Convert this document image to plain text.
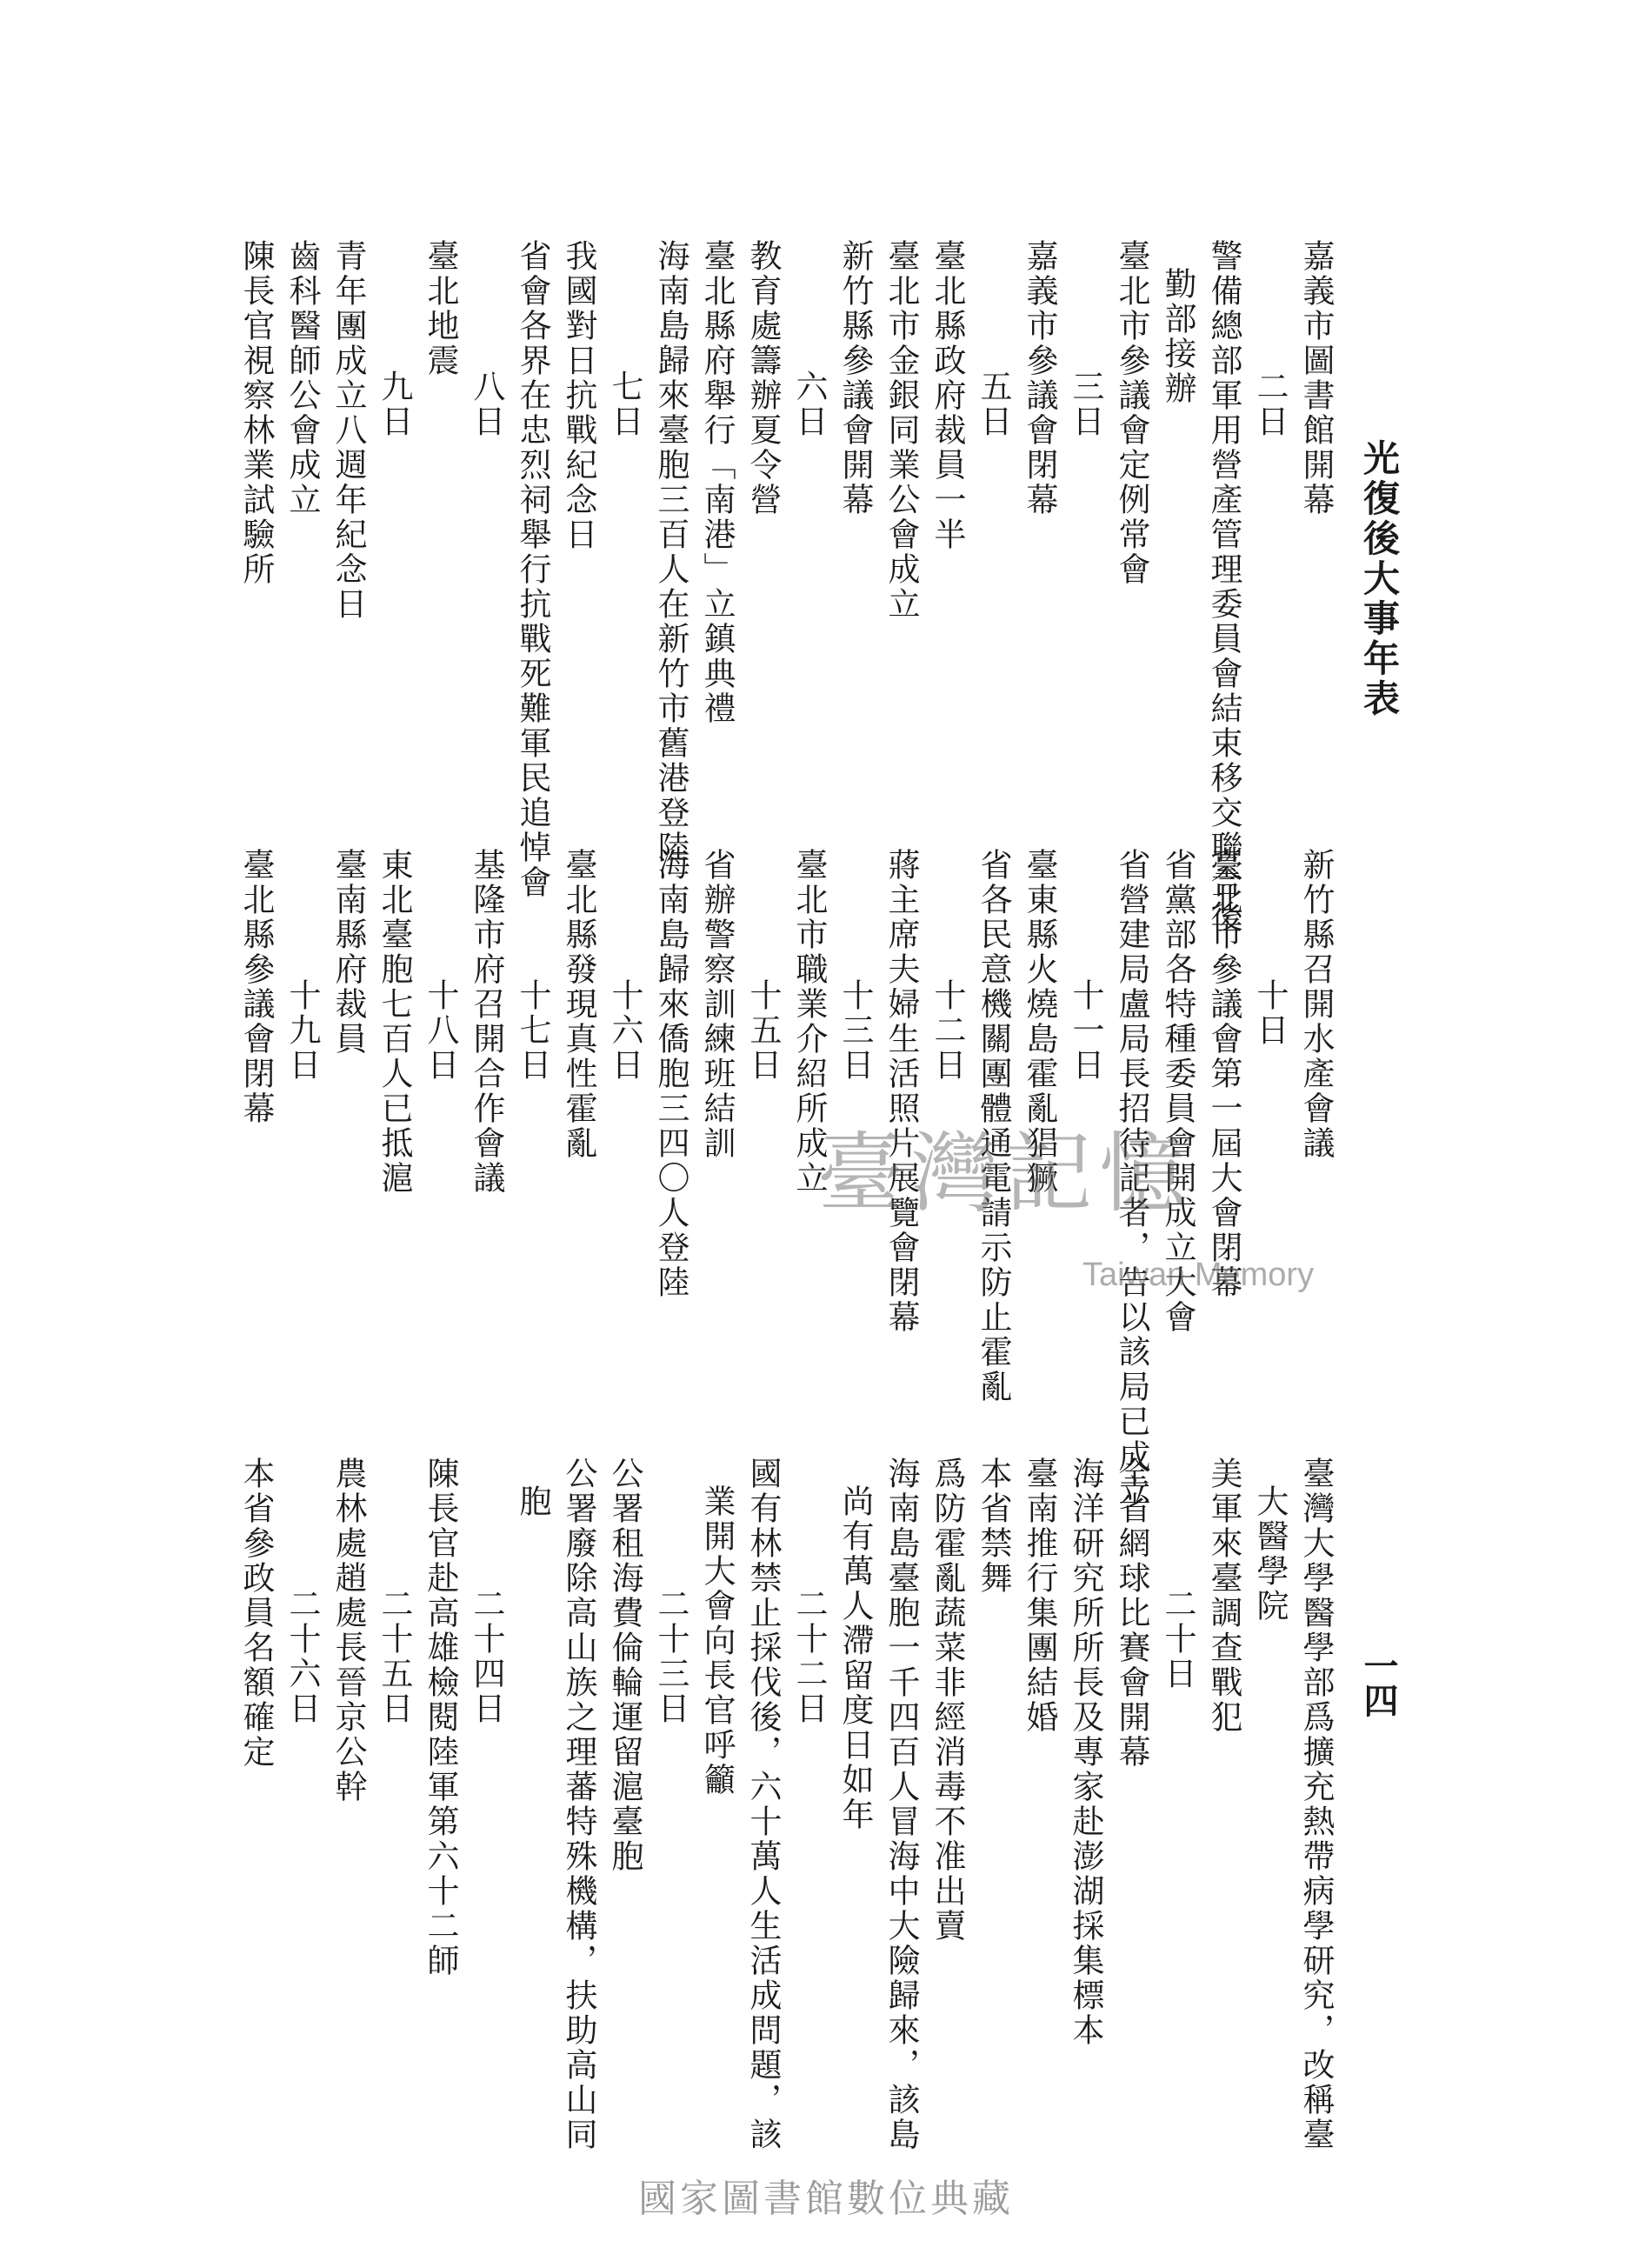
光復後大事年表
一四
嘉義市圖書館開幕
二日
警備總部軍用營產管理委員會結束移交聯合後
勤部接辦
臺北市參議會定例常會
三日
嘉義市參議會閉幕
五日
臺北縣政府裁員一半
臺北市金銀同業公會成立
新竹縣參議會開幕
六日
教育處籌辦夏令營
臺北縣府舉行「南港」立鎮典禮
海南島歸來臺胞三百人在新竹市舊港登陸
七日
我國對日抗戰紀念日
省會各界在忠烈祠舉行抗戰死難軍民追悼會
八日
臺北地震
九日
青年團成立八週年紀念日
齒科醫師公會成立
陳長官視察林業試驗所
新竹縣召開水產會議
十日
臺北市參議會第一屆大會閉幕
省黨部各特種委員會開成立大會
省營建局盧局長招待記者，告以該局已成立
十一日
臺東縣火燒島霍亂猖獗
省各民意機關團體通電請示防止霍亂
十二日
蔣主席夫婦生活照片展覽會閉幕
十三日
臺北市職業介紹所成立
十五日
省辦警察訓練班結訓
海南島歸來僑胞三四〇人登陸
十六日
臺北縣發現真性霍亂
十七日
基隆市府召開合作會議
十八日
東北臺胞七百人已抵滬
臺南縣府裁員
十九日
臺北縣參議會閉幕
臺灣大學醫學部爲擴充熱帶病學研究，改稱臺
大醫學院
美軍來臺調查戰犯
二十日
全省網球比賽會開幕
海洋研究所所長及專家赴澎湖採集標本
臺南推行集團結婚
本省禁舞
爲防霍亂蔬菜非經消毒不准出賣
海南島臺胞一千四百人冒海中大險歸來，該島
尚有萬人滯留度日如年
二十二日
國有林禁止採伐後，六十萬人生活成問題，該
業開大會向長官呼籲
二十三日
公署租海費倫輪運留滬臺胞
公署廢除高山族之理蕃特殊機構，扶助高山同
胞
二十四日
陳長官赴高雄檢閱陸軍第六十二師
二十五日
農林處趙處長晉京公幹
二十六日
本省參政員名額確定
臺灣記憶
Taiwan Memory
國家圖書館數位典藏
